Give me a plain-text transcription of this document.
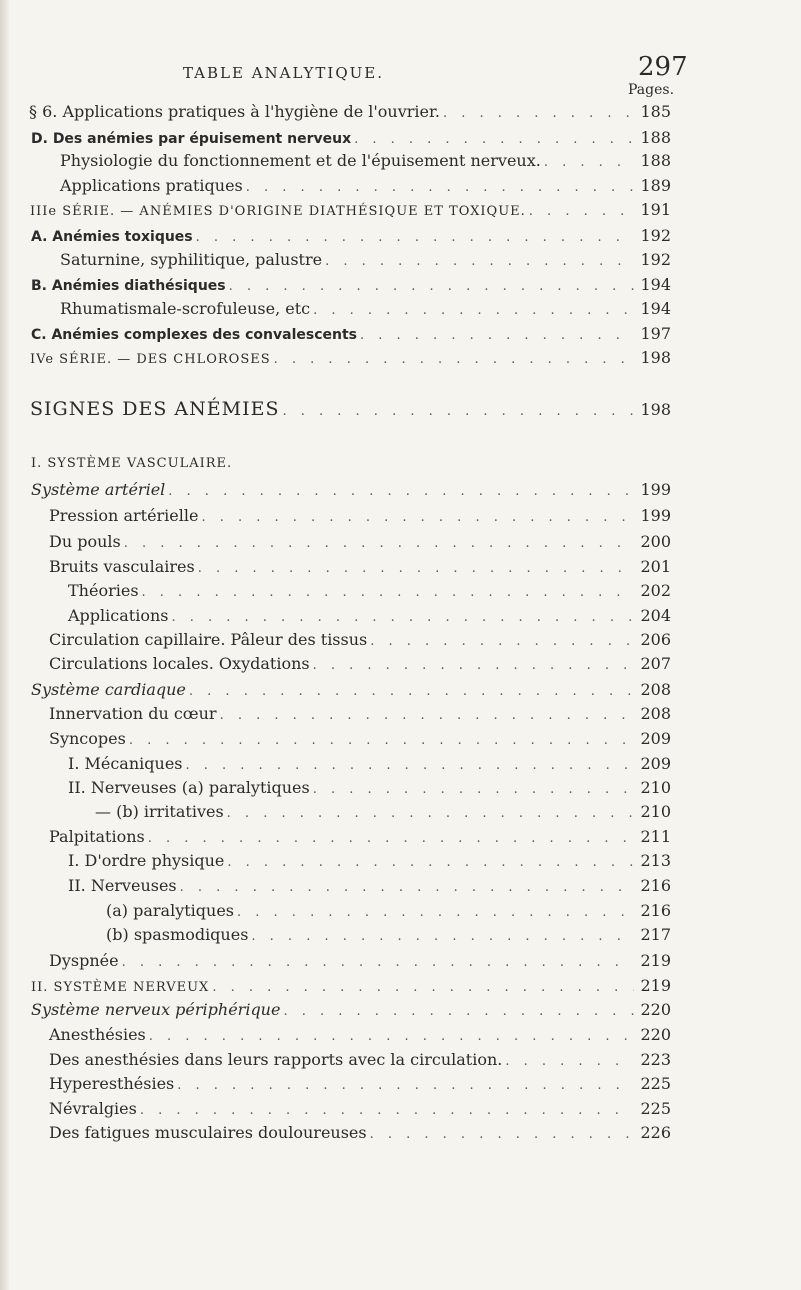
TABLE ANALYTIQUE.	297
Pages.
§ 6. Applications pratiques à l'hygiène de l'ouvrier. . . .	185
D. Des anémies par épuisement nerveux . . .	188
Physiologie du fonctionnement et de l'épuisement nerveux. . . .	188
Applications pratiques . . .	189
IIIe SÉRIE. — ANÉMIES D'ORIGINE DIATHÉSIQUE ET TOXIQUE. . . .	191
A. Anémies toxiques . . .	192
Saturnine, syphilitique, palustre . . .	192
B. Anémies diathésiques . . .	194
Rhumatismale-scrofuleuse, etc . . .	194
C. Anémies complexes des convalescents . . .	197
IVe SÉRIE. — DES CHLOROSES . . .	198
SIGNES DES ANÉMIES . . .	198
I. SYSTÈME VASCULAIRE.
Système artériel . . .	199
Pression artérielle . . .	199
Du pouls . . .	200
Bruits vasculaires . . .	201
Théories . . .	202
Applications . . .	204
Circulation capillaire. Pâleur des tissus . . .	206
Circulations locales. Oxydations . . .	207
Système cardiaque . . .	208
Innervation du cœur . . .	208
Syncopes . . .	209
I. Mécaniques . . .	209
II. Nerveuses (a) paralytiques . . .	210
— (b) irritatives . . .	210
Palpitations . . .	211
I. D'ordre physique . . .	213
II. Nerveuses . . .	216
(a) paralytiques . . .	216
(b) spasmodiques . . .	217
Dyspnée . . .	219
II. SYSTÈME NERVEUX . . .	219
Système nerveux périphérique . . .	220
Anesthésies . . .	220
Des anesthésies dans leurs rapports avec la circulation. . . .	223
Hyperesthésies . . .	225
Névralgies . . .	225
Des fatigues musculaires douloureuses . . .	226
